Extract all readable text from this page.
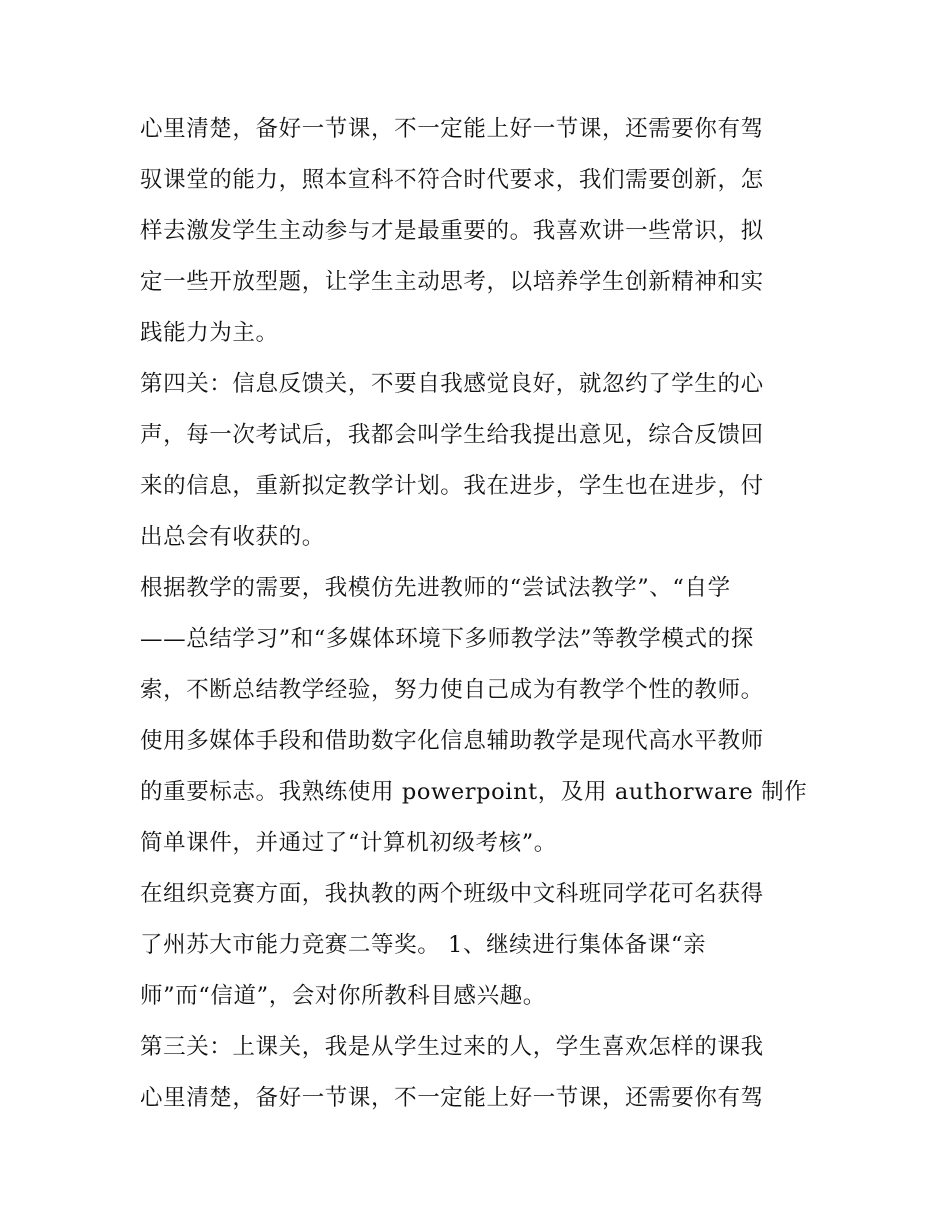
心里清楚，备好一节课，不一定能上好一节课，还需要你有驾
驭课堂的能力，照本宣科不符合时代要求，我们需要创新，怎
样去激发学生主动参与才是最重要的。我喜欢讲一些常识，拟
定一些开放型题，让学生主动思考，以培养学生创新精神和实
践能力为主。
第四关：信息反馈关，不要自我感觉良好，就忽约了学生的心
声，每一次考试后，我都会叫学生给我提出意见，综合反馈回
来的信息，重新拟定教学计划。我在进步，学生也在进步，付
出总会有收获的。
根据教学的需要，我模仿先进教师的“尝试法教学”、“自学
——总结学习”和“多媒体环境下多师教学法”等教学模式的探
索，不断总结教学经验，努力使自己成为有教学个性的教师。
使用多媒体手段和借助数字化信息辅助教学是现代高水平教师
的重要标志。我熟练使用 powerpoint，及用 authorware 制作
简单课件，并通过了“计算机初级考核”。
在组织竞赛方面，我执教的两个班级中文科班同学花可名获得
了州苏大市能力竞赛二等奖。 1、继续进行集体备课“亲
师”而“信道”，会对你所教科目感兴趣。
第三关：上课关，我是从学生过来的人，学生喜欢怎样的课我
心里清楚，备好一节课，不一定能上好一节课，还需要你有驾
